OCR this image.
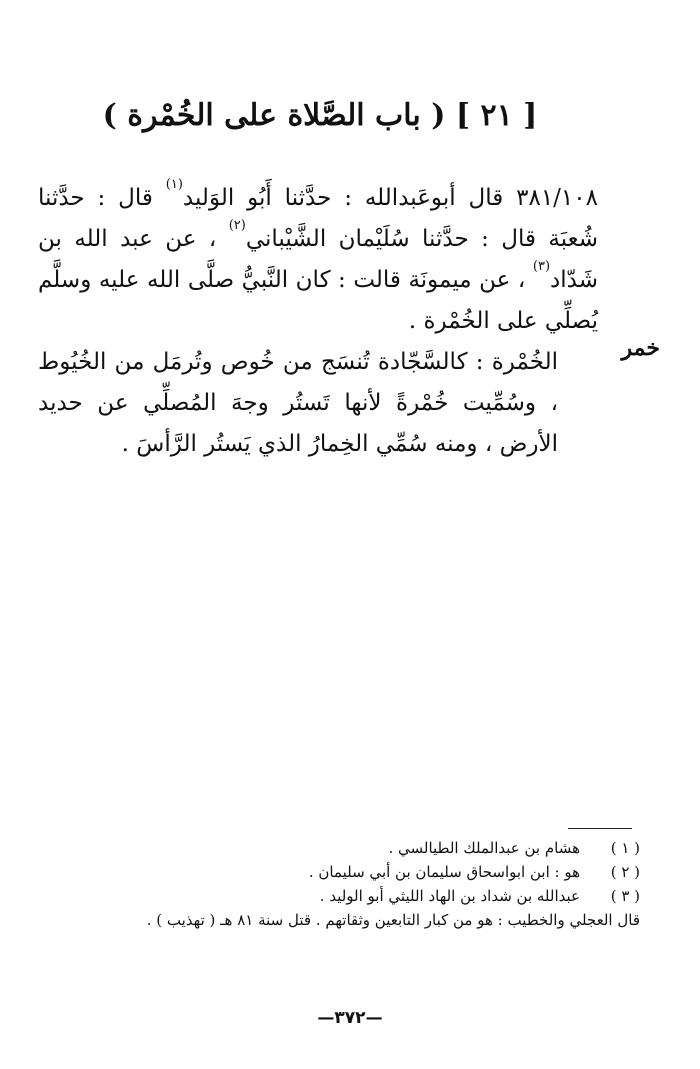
[ ٢١ ] ( باب الصَّلاة على الخُمْرة )

٣٨١/١٠٨ قال أبوعَبدالله : حدَّثنا أَبُو الوَليد$^{(١)}$ قال : حدَّثنا شُعبَة قال : حدَّثنا سُلَيْمان الشَّيْباني$^{(٢)}$ ، عن عبد الله بن شَدّاد$^{(٣)}$ ، عن ميمونَة قالت : كان النَّبيُّ صلَّى الله عليه وسلَّم يُصلِّي على الخُمْرة .

الخُمْرة : كالسَّجّادة تُنسَج من خُوص وتُرمَل من الخُيُوط ، وسُمِّيت خُمْرةً لأنها تَستُر وجهَ المُصلِّي عن حديد الأرض ، ومنه سُمِّي الخِمارُ الذي يَستُر الرَّأسَ .

خمر
( ١ )
هشام بن عبدالملك الطيالسي .
( ٢ )
هو : ابن ابواسحاق سليمان بن أبي سليمان .
( ٣ )
عبدالله بن شداد بن الهاد الليثي أبو الوليد .
قال العجلي والخطيب : هو من كبار التابعين وثقاتهم . قتل سنة ٨١ هـ ( تهذيب ) .
—٣٧٢—
